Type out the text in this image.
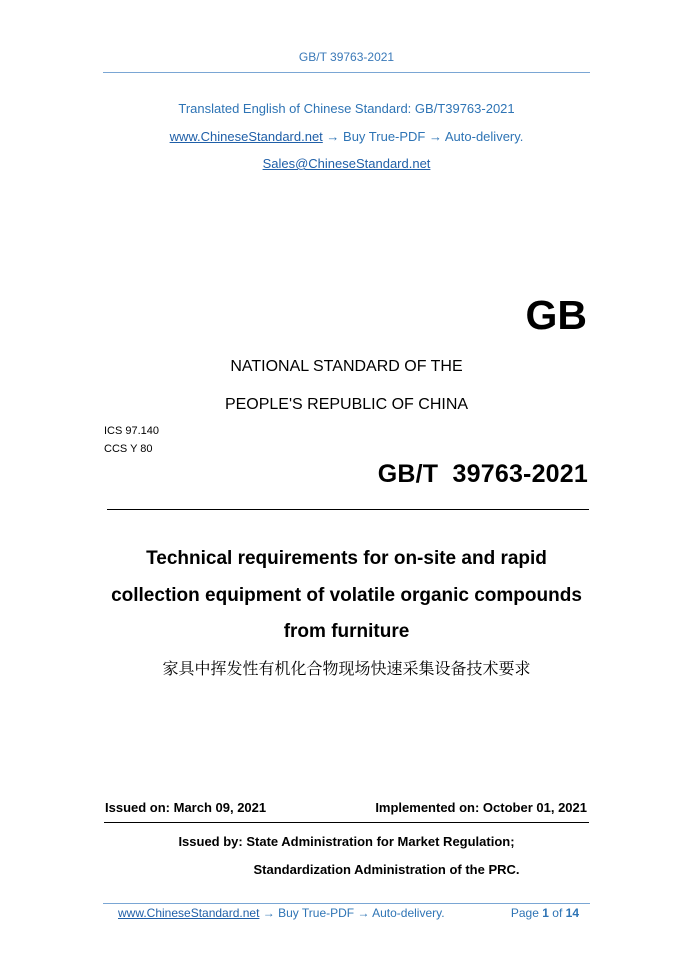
GB/T 39763-2021
Translated English of Chinese Standard: GB/T39763-2021
www.ChineseStandard.net → Buy True-PDF → Auto-delivery.
Sales@ChineseStandard.net
GB
NATIONAL STANDARD OF THE
PEOPLE'S REPUBLIC OF CHINA
ICS 97.140
CCS Y 80
GB/T  39763-2021
Technical requirements for on-site and rapid
collection equipment of volatile organic compounds
from furniture
家具中挥发性有机化合物现场快速采集设备技术要求
Issued on: March 09, 2021	Implemented on: October 01, 2021
Issued by: State Administration for Market Regulation;
Standardization Administration of the PRC.
www.ChineseStandard.net → Buy True-PDF → Auto-delivery.	Page 1 of 14
